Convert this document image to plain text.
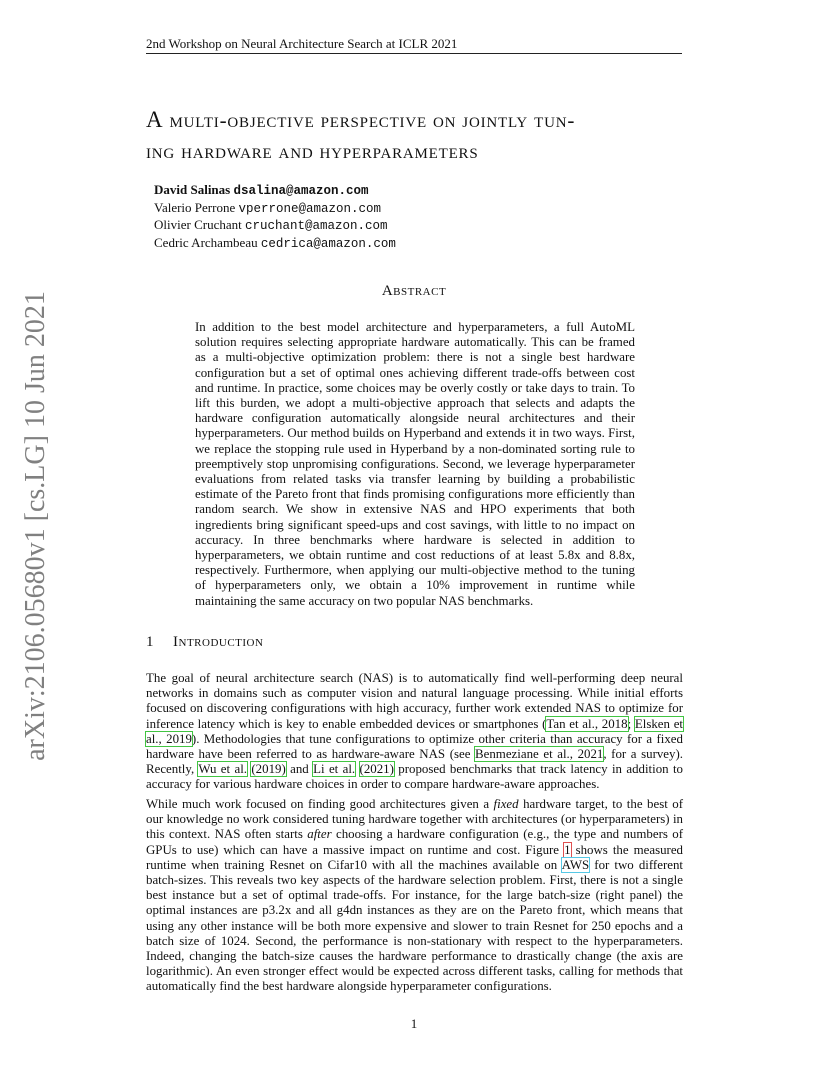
2nd Workshop on Neural Architecture Search at ICLR 2021
arXiv:2106.05680v1 [cs.LG] 10 Jun 2021
A multi-objective perspective on jointly tun-
ing hardware and hyperparameters
David Salinas dsalina@amazon.com
Valerio Perrone vperrone@amazon.com
Olivier Cruchant cruchant@amazon.com
Cedric Archambeau cedrica@amazon.com
Abstract
In addition to the best model architecture and hyperparameters, a full AutoML solution requires selecting appropriate hardware automatically. This can be framed as a multi-objective optimization problem: there is not a single best hardware configuration but a set of optimal ones achieving different trade-offs between cost and runtime. In practice, some choices may be overly costly or take days to train. To lift this burden, we adopt a multi-objective approach that selects and adapts the hardware configuration automatically alongside neural architectures and their hyperparameters. Our method builds on Hyperband and extends it in two ways. First, we replace the stopping rule used in Hyperband by a non-dominated sorting rule to preemptively stop unpromising configurations. Second, we leverage hyperparameter evaluations from related tasks via transfer learning by building a probabilistic estimate of the Pareto front that finds promising configurations more efficiently than random search. We show in extensive NAS and HPO experiments that both ingredients bring significant speed-ups and cost savings, with little to no impact on accuracy. In three benchmarks where hardware is selected in addition to hyperparameters, we obtain runtime and cost reductions of at least 5.8x and 8.8x, respectively. Furthermore, when applying our multi-objective method to the tuning of hyperparameters only, we obtain a 10% improvement in runtime while maintaining the same accuracy on two popular NAS benchmarks.
1 Introduction
The goal of neural architecture search (NAS) is to automatically find well-performing deep neural networks in domains such as computer vision and natural language processing. While initial efforts focused on discovering configurations with high accuracy, further work extended NAS to optimize for inference latency which is key to enable embedded devices or smartphones (Tan et al., 2018; Elsken et al., 2019). Methodologies that tune configurations to optimize other criteria than accuracy for a fixed hardware have been referred to as hardware-aware NAS (see Benmeziane et al., 2021, for a survey). Recently, Wu et al. (2019) and Li et al. (2021) proposed benchmarks that track latency in addition to accuracy for various hardware choices in order to compare hardware-aware approaches.
While much work focused on finding good architectures given a fixed hardware target, to the best of our knowledge no work considered tuning hardware together with architectures (or hyperparameters) in this context. NAS often starts after choosing a hardware configuration (e.g., the type and numbers of GPUs to use) which can have a massive impact on runtime and cost. Figure 1 shows the measured runtime when training Resnet on Cifar10 with all the machines available on AWS for two different batch-sizes. This reveals two key aspects of the hardware selection problem. First, there is not a single best instance but a set of optimal trade-offs. For instance, for the large batch-size (right panel) the optimal instances are p3.2x and all g4dn instances as they are on the Pareto front, which means that using any other instance will be both more expensive and slower to train Resnet for 250 epochs and a batch size of 1024. Second, the performance is non-stationary with respect to the hyperparameters. Indeed, changing the batch-size causes the hardware performance to drastically change (the axis are logarithmic). An even stronger effect would be expected across different tasks, calling for methods that automatically find the best hardware alongside hyperparameter configurations.
1
